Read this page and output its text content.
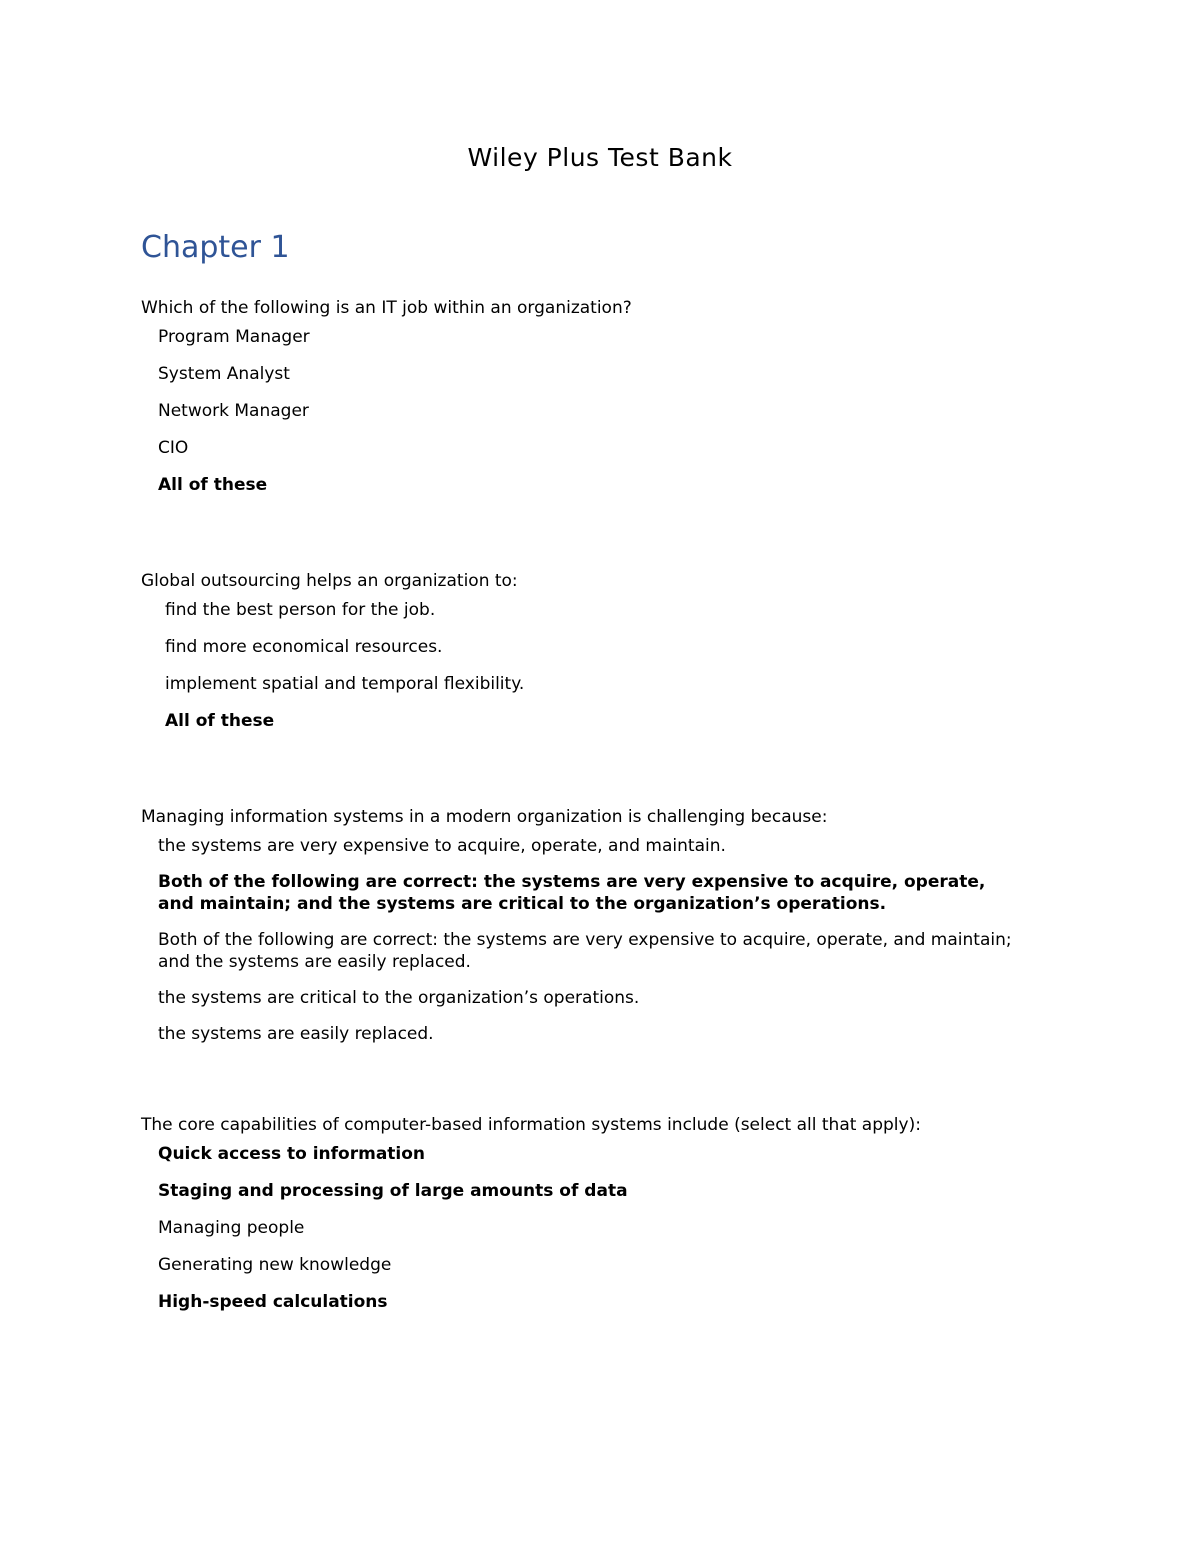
Wiley Plus Test Bank
Chapter 1

Which of the following is an IT job within an organization?

Program Manager

System Analyst

Network Manager

CIO

All of these

Global outsourcing helps an organization to:

find the best person for the job.

find more economical resources.

implement spatial and temporal flexibility.

All of these

Managing information systems in a modern organization is challenging because:

the systems are very expensive to acquire, operate, and maintain.

Both of the following are correct: the systems are very expensive to acquire, operate, and maintain; and the systems are critical to the organization’s operations.

Both of the following are correct: the systems are very expensive to acquire, operate, and maintain; and the systems are easily replaced.

the systems are critical to the organization’s operations.

the systems are easily replaced.

The core capabilities of computer-based information systems include (select all that apply):

Quick access to information

Staging and processing of large amounts of data

Managing people

Generating new knowledge

High-speed calculations
